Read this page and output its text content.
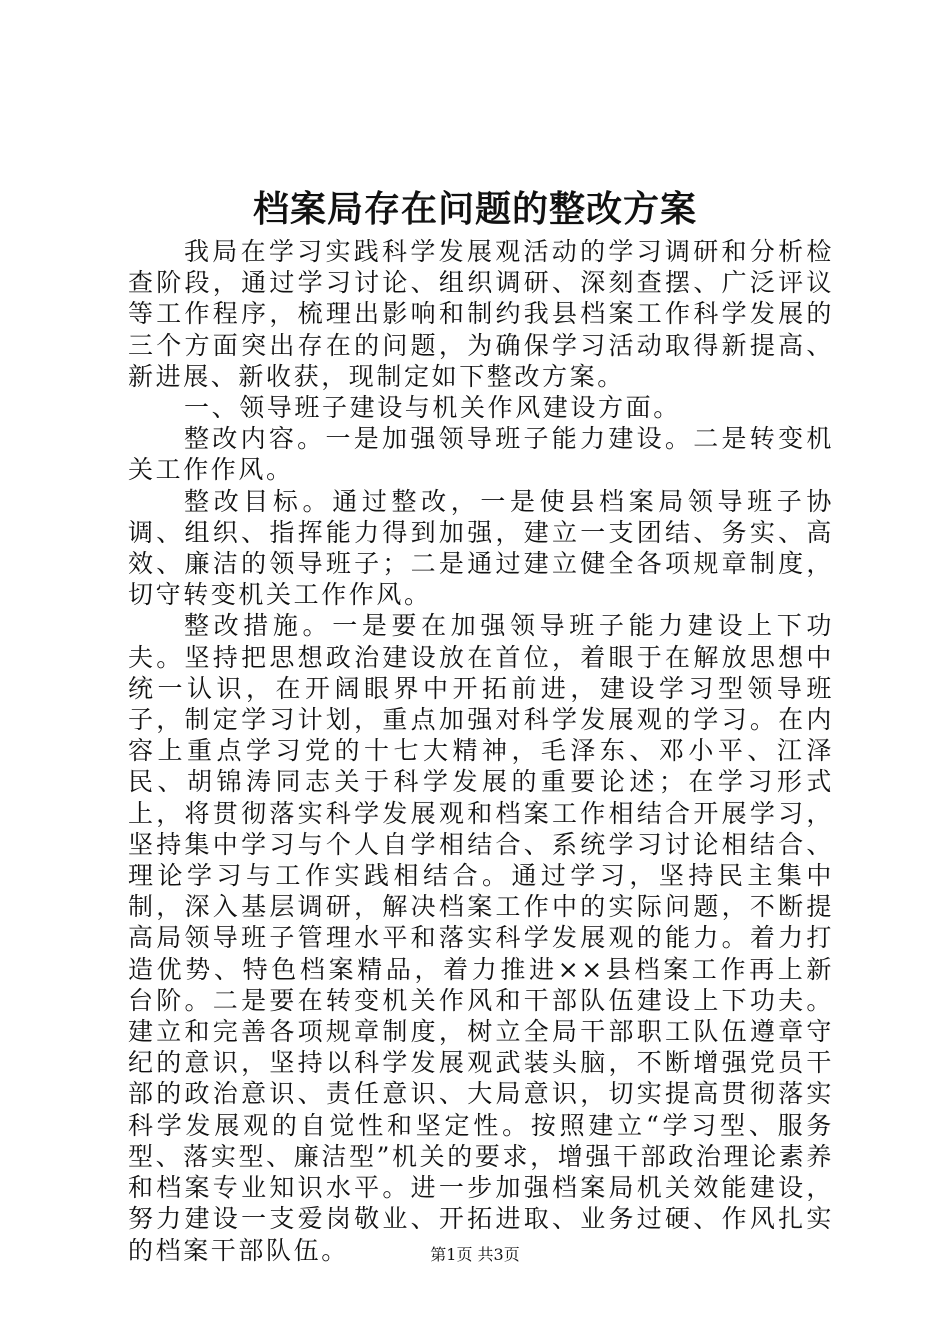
档案局存在问题的整改方案

我局在学习实践科学发展观活动的学习调研和分析检查阶段，通过学习讨论、组织调研、深刻查摆、广泛评议等工作程序，梳理出影响和制约我县档案工作科学发展的三个方面突出存在的问题，为确保学习活动取得新提高、新进展、新收获，现制定如下整改方案。

一、领导班子建设与机关作风建设方面。

整改内容。一是加强领导班子能力建设。二是转变机关工作作风。

整改目标。通过整改，一是使县档案局领导班子协调、组织、指挥能力得到加强，建立一支团结、务实、高效、廉洁的领导班子；二是通过建立健全各项规章制度，切守转变机关工作作风。

整改措施。一是要在加强领导班子能力建设上下功夫。坚持把思想政治建设放在首位，着眼于在解放思想中统一认识，在开阔眼界中开拓前进，建设学习型领导班子，制定学习计划，重点加强对科学发展观的学习。在内容上重点学习党的十七大精神，毛泽东、邓小平、江泽民、胡锦涛同志关于科学发展的重要论述；在学习形式上，将贯彻落实科学发展观和档案工作相结合开展学习，坚持集中学习与个人自学相结合、系统学习讨论相结合、理论学习与工作实践相结合。通过学习，坚持民主集中制，深入基层调研，解决档案工作中的实际问题，不断提高局领导班子管理水平和落实科学发展观的能力。着力打造优势、特色档案精品，着力推进××县档案工作再上新台阶。二是要在转变机关作风和干部队伍建设上下功夫。建立和完善各项规章制度，树立全局干部职工队伍遵章守纪的意识，坚持以科学发展观武装头脑，不断增强党员干部的政治意识、责任意识、大局意识，切实提高贯彻落实科学发展观的自觉性和坚定性。按照建立“学习型、服务型、落实型、廉洁型”机关的要求，增强干部政治理论素养和档案专业知识水平。进一步加强档案局机关效能建设，努力建设一支爱岗敬业、开拓进取、业务过硬、作风扎实的档案干部队伍。	第1页 共3页
